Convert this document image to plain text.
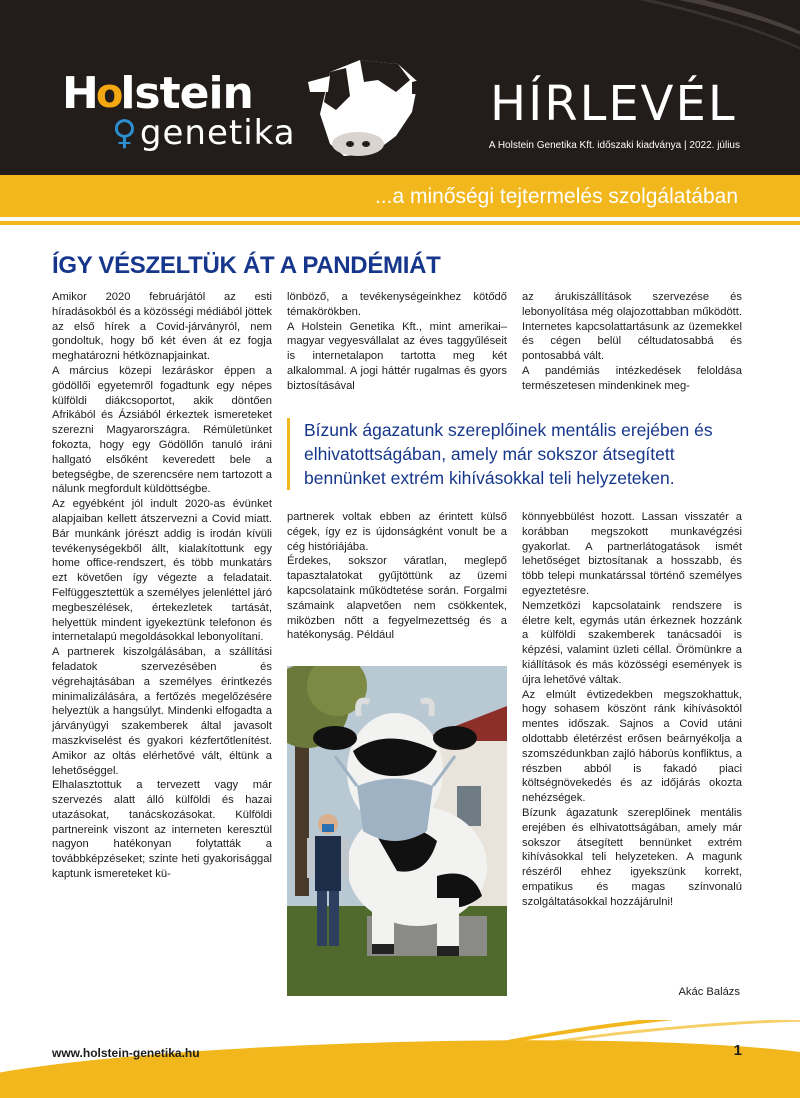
H
o
lstein
♀ genetika
HÍRLEVÉL
A Holstein Genetika Kft. időszaki kiadványa | 2022. július
...a minőségi tejtermelés szolgálatában
ÍGY VÉSZELTÜK ÁT A PANDÉMIÁT

Amikor 2020 februárjától az esti híradásokból és a közösségi médiából jöttek az első hírek a Covid-járványról, nem gondoltuk, hogy bő két éven át ez fogja meghatározni hétköznapjainkat.

A március közepi lezáráskor éppen a gödöllői egyetemről fogadtunk egy népes külföldi diákcsoportot, akik döntően Afrikából és Ázsiából érkeztek ismereteket szerezni Magyarországra. Rémületünket fokozta, hogy egy Gödöllőn tanuló iráni hallgató elsőként keveredett bele a betegségbe, de szerencsére nem tartozott a nálunk megfordult küldöttségbe.

Az egyébként jól indult 2020-as évünket alapjaiban kellett átszervezni a Covid miatt. Bár munkánk jórészt addig is irodán kívüli tevékenységekből állt, kialakítottunk egy home office-rendszert, és több munkatárs ezt követően így végezte a feladatait. Felfüggesztettük a személyes jelenléttel járó megbeszélések, értekezletek tartását, helyettük mindent igyekeztünk telefonon és internetalapú megoldásokkal lebonyolítani.

A partnerek kiszolgálásában, a szállítási feladatok szervezésében és végrehajtásában a személyes érintkezés minimalizálására, a fertőzés megelőzésére helyeztük a hangsúlyt. Mindenki elfogadta a járványügyi szakemberek által javasolt maszkviselést és gyakori kézfertőtlenítést. Amikor az oltás elérhetővé vált, éltünk a lehetőséggel.

Elhalasztottuk a tervezett vagy már szervezés alatt álló külföldi és hazai utazásokat, tanácskozásokat. Külföldi partnereink viszont az interneten keresztül nagyon hatékonyan folytatták a továbbképzéseket; szinte heti gyakorisággal kaptunk ismereteket kü-

lönböző, a tevékenységeinkhez kötődő témakörökben.

A Holstein Genetika Kft., mint amerikai–magyar vegyesvállalat az éves taggyűléseit is internetalapon tartotta meg két alkalommal. A jogi háttér rugalmas és gyors biztosításával

az árukiszállítások szervezése és lebonyolítása még olajozottabban működött. Internetes kapcsolattartásunk az üzemekkel és cégen belül céltudatosabbá és pontosabbá vált.

A pandémiás intézkedések feloldása természetesen mindenkinek meg-

Bízunk ágazatunk szereplőinek mentális erejében és elhivatottságában, amely már sokszor átsegített bennünket extrém kihívásokkal teli helyzeteken.

partnerek voltak ebben az érintett külső cégek, így ez is újdonságként vonult be a cég históriájába.

Érdekes, sokszor váratlan, meglepő tapasztalatokat gyűjtöttünk az üzemi kapcsolataink működtetése során. Forgalmi számaink alapvetően nem csökkentek, miközben nőtt a fegyelmezettség és a hatékonyság. Például

könnyebbülést hozott. Lassan visszatér a korábban megszokott munkavégzési gyakorlat. A partnerlátogatások ismét lehetőséget biztosítanak a hosszabb, és több telepi munkatárssal történő személyes egyeztetésre.

Nemzetközi kapcsolataink rendszere is életre kelt, egymás után érkeznek hozzánk a külföldi szakemberek tanácsadói is képzési, valamint üzleti céllal. Örömünkre a kiállítások és más közösségi események is újra lehetővé váltak.

Az elmúlt évtizedekben megszokhattuk, hogy sohasem köszönt ránk kihívásoktól mentes időszak. Sajnos a Covid utáni oldottabb életérzést erősen beárnyékolja a szomszédunkban zajló háborús konfliktus, a részben abból is fakadó piaci költségnövekedés és az időjárás okozta nehézségek.

Bízunk ágazatunk szereplőinek mentális erejében és elhivatottságában, amely már sokszor átsegített bennünket extrém kihívásokkal teli helyzeteken. A magunk részéről ehhez igyekszünk korrekt, empatikus és magas színvonalú szolgáltatásokkal hozzájárulni!

Akác Balázs
www.holstein-genetika.hu	1
